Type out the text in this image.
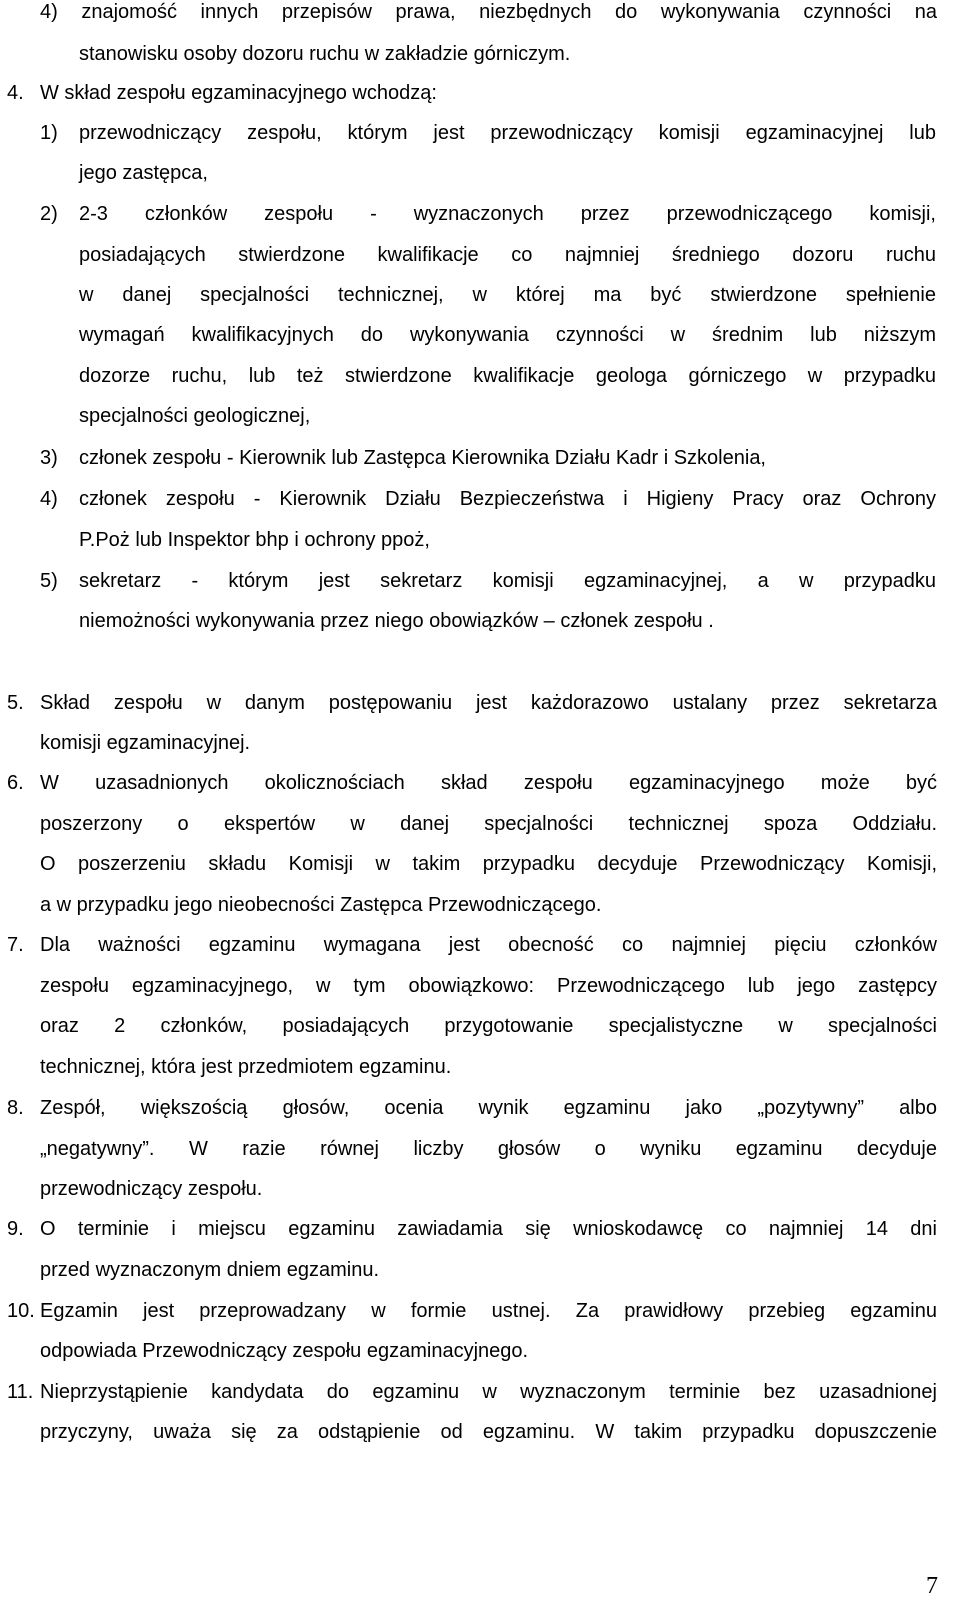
4) znajomość innych przepisów prawa, niezbędnych do wykonywania czynności na
stanowisku osoby dozoru ruchu w zakładzie górniczym.
4. W skład zespołu egzaminacyjnego wchodzą:
1) przewodniczący zespołu, którym jest przewodniczący komisji egzaminacyjnej lub
jego zastępca,
2) 2-3 członków zespołu - wyznaczonych przez przewodniczącego komisji,
posiadających stwierdzone kwalifikacje co najmniej średniego dozoru ruchu
w danej specjalności technicznej, w której ma być stwierdzone spełnienie
wymagań kwalifikacyjnych do wykonywania czynności w średnim lub niższym
dozorze ruchu, lub też stwierdzone kwalifikacje geologa górniczego w przypadku
specjalności geologicznej,
3) członek zespołu - Kierownik lub Zastępca Kierownika Działu Kadr i Szkolenia,
4) członek zespołu - Kierownik Działu Bezpieczeństwa i Higieny Pracy oraz Ochrony
P.Poż lub Inspektor bhp i ochrony ppoż,
5) sekretarz - którym jest sekretarz komisji egzaminacyjnej, a w przypadku
niemożności wykonywania przez niego obowiązków – członek zespołu .
5. Skład zespołu w danym postępowaniu jest każdorazowo ustalany przez sekretarza
komisji egzaminacyjnej.
6. W uzasadnionych okolicznościach skład zespołu egzaminacyjnego może być
poszerzony o ekspertów w danej specjalności technicznej spoza Oddziału.
O poszerzeniu składu Komisji w takim przypadku decyduje Przewodniczący Komisji,
a w przypadku jego nieobecności Zastępca Przewodniczącego.
7. Dla ważności egzaminu wymagana jest obecność co najmniej pięciu członków
zespołu egzaminacyjnego, w tym obowiązkowo: Przewodniczącego lub jego zastępcy
oraz 2 członków, posiadających przygotowanie specjalistyczne w specjalności
technicznej, która jest przedmiotem egzaminu.
8. Zespół, większością głosów, ocenia wynik egzaminu jako „pozytywny” albo
„negatywny”. W razie równej liczby głosów o wyniku egzaminu decyduje
przewodniczący zespołu.
9. O terminie i miejscu egzaminu zawiadamia się wnioskodawcę co najmniej 14 dni
przed wyznaczonym dniem egzaminu.
10. Egzamin jest przeprowadzany w formie ustnej. Za prawidłowy przebieg egzaminu
odpowiada Przewodniczący zespołu egzaminacyjnego.
11. Nieprzystąpienie kandydata do egzaminu w wyznaczonym terminie bez uzasadnionej
przyczyny, uważa się za odstąpienie od egzaminu. W takim przypadku dopuszczenie
7
